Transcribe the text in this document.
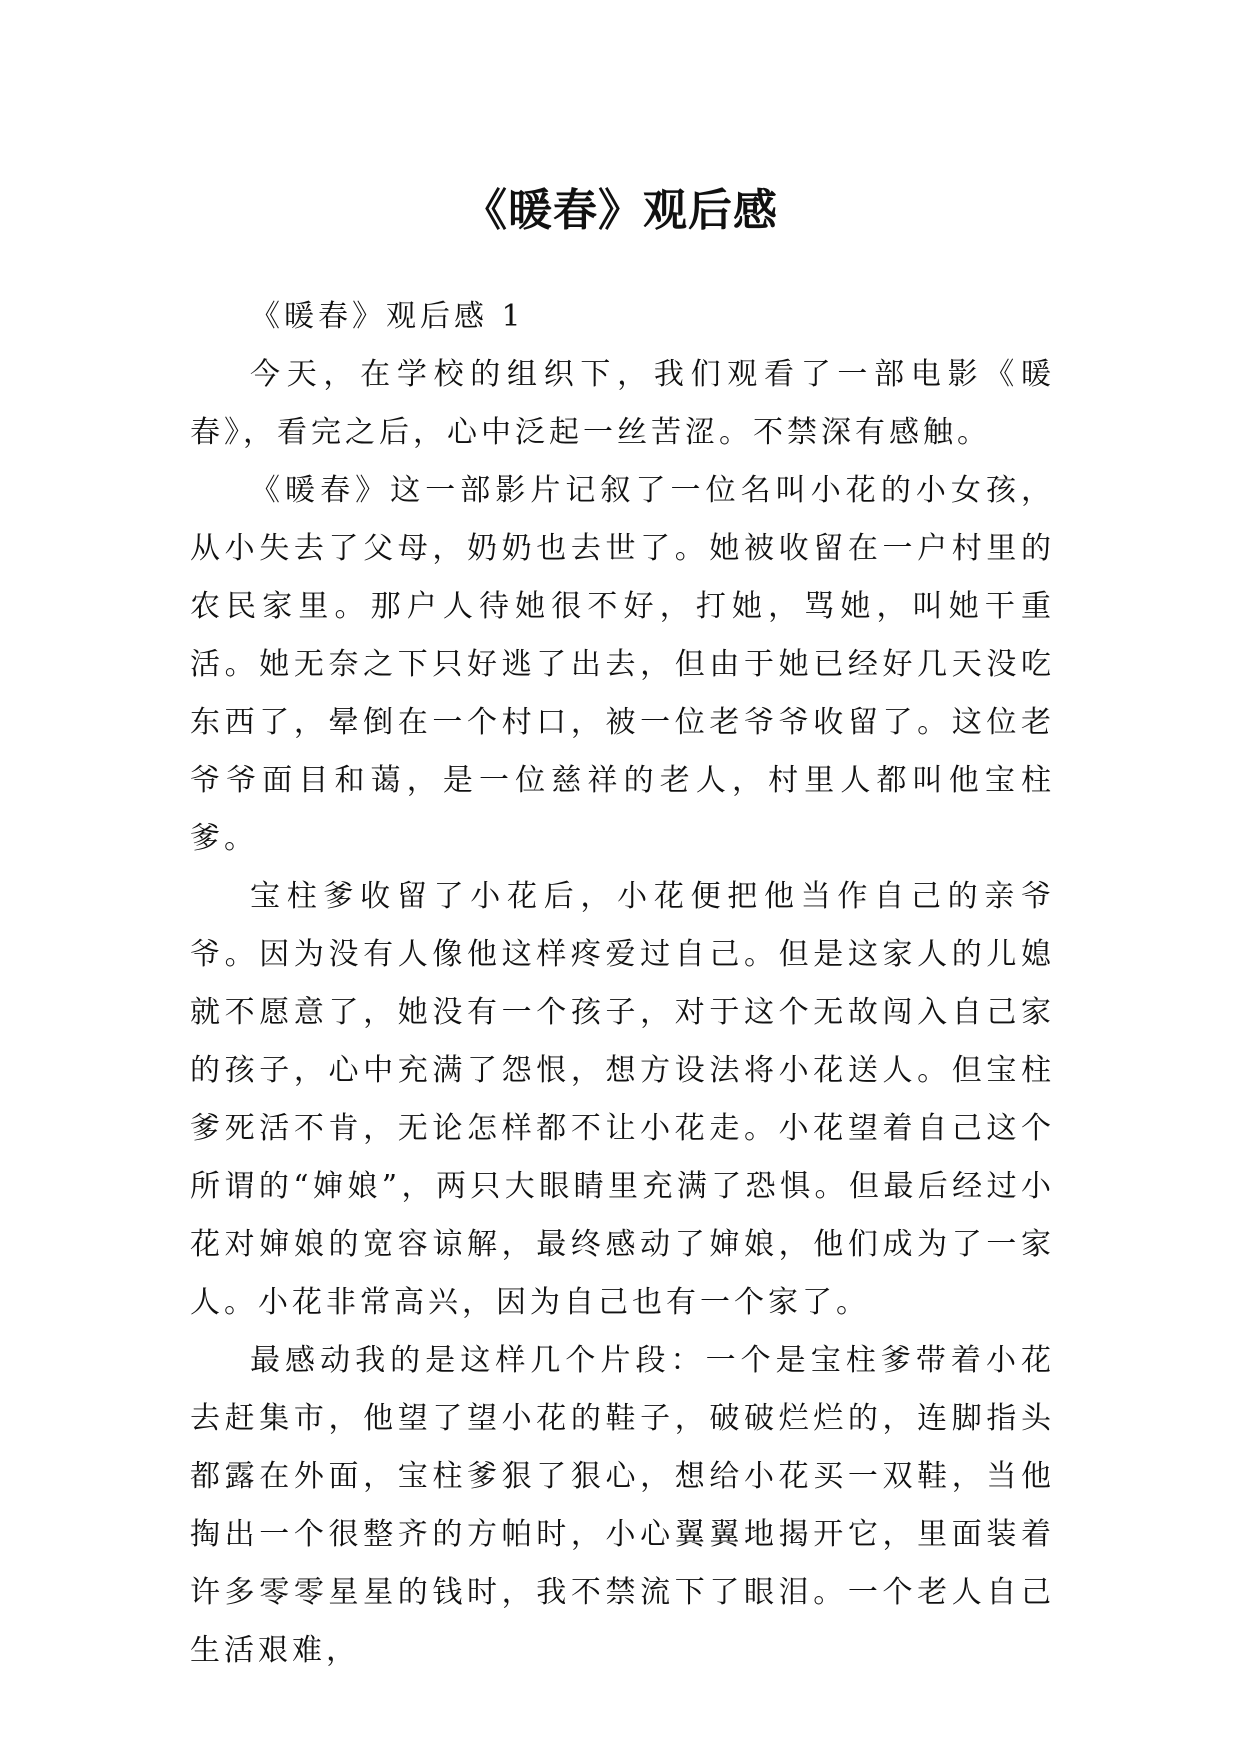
《暖春》观后感

《暖春》观后感 1

今天，在学校的组织下，我们观看了一部电影《暖春》，看完之后，心中泛起一丝苦涩。不禁深有感触。

《暖春》这一部影片记叙了一位名叫小花的小女孩，从小失去了父母，奶奶也去世了。她被收留在一户村里的农民家里。那户人待她很不好，打她，骂她，叫她干重活。她无奈之下只好逃了出去，但由于她已经好几天没吃东西了，晕倒在一个村口，被一位老爷爷收留了。这位老爷爷面目和蔼，是一位慈祥的老人，村里人都叫他宝柱爹。

宝柱爹收留了小花后，小花便把他当作自己的亲爷爷。因为没有人像他这样疼爱过自己。但是这家人的儿媳就不愿意了，她没有一个孩子，对于这个无故闯入自己家的孩子，心中充满了怨恨，想方设法将小花送人。但宝柱爹死活不肯，无论怎样都不让小花走。小花望着自己这个所谓的“婶娘”，两只大眼睛里充满了恐惧。但最后经过小花对婶娘的宽容谅解，最终感动了婶娘，他们成为了一家人。小花非常高兴，因为自己也有一个家了。

最感动我的是这样几个片段：一个是宝柱爹带着小花去赶集市，他望了望小花的鞋子，破破烂烂的，连脚指头都露在外面，宝柱爹狠了狠心，想给小花买一双鞋，当他掏出一个很整齐的方帕时，小心翼翼地揭开它，里面装着许多零零星星的钱时，我不禁流下了眼泪。一个老人自己生活艰难，
